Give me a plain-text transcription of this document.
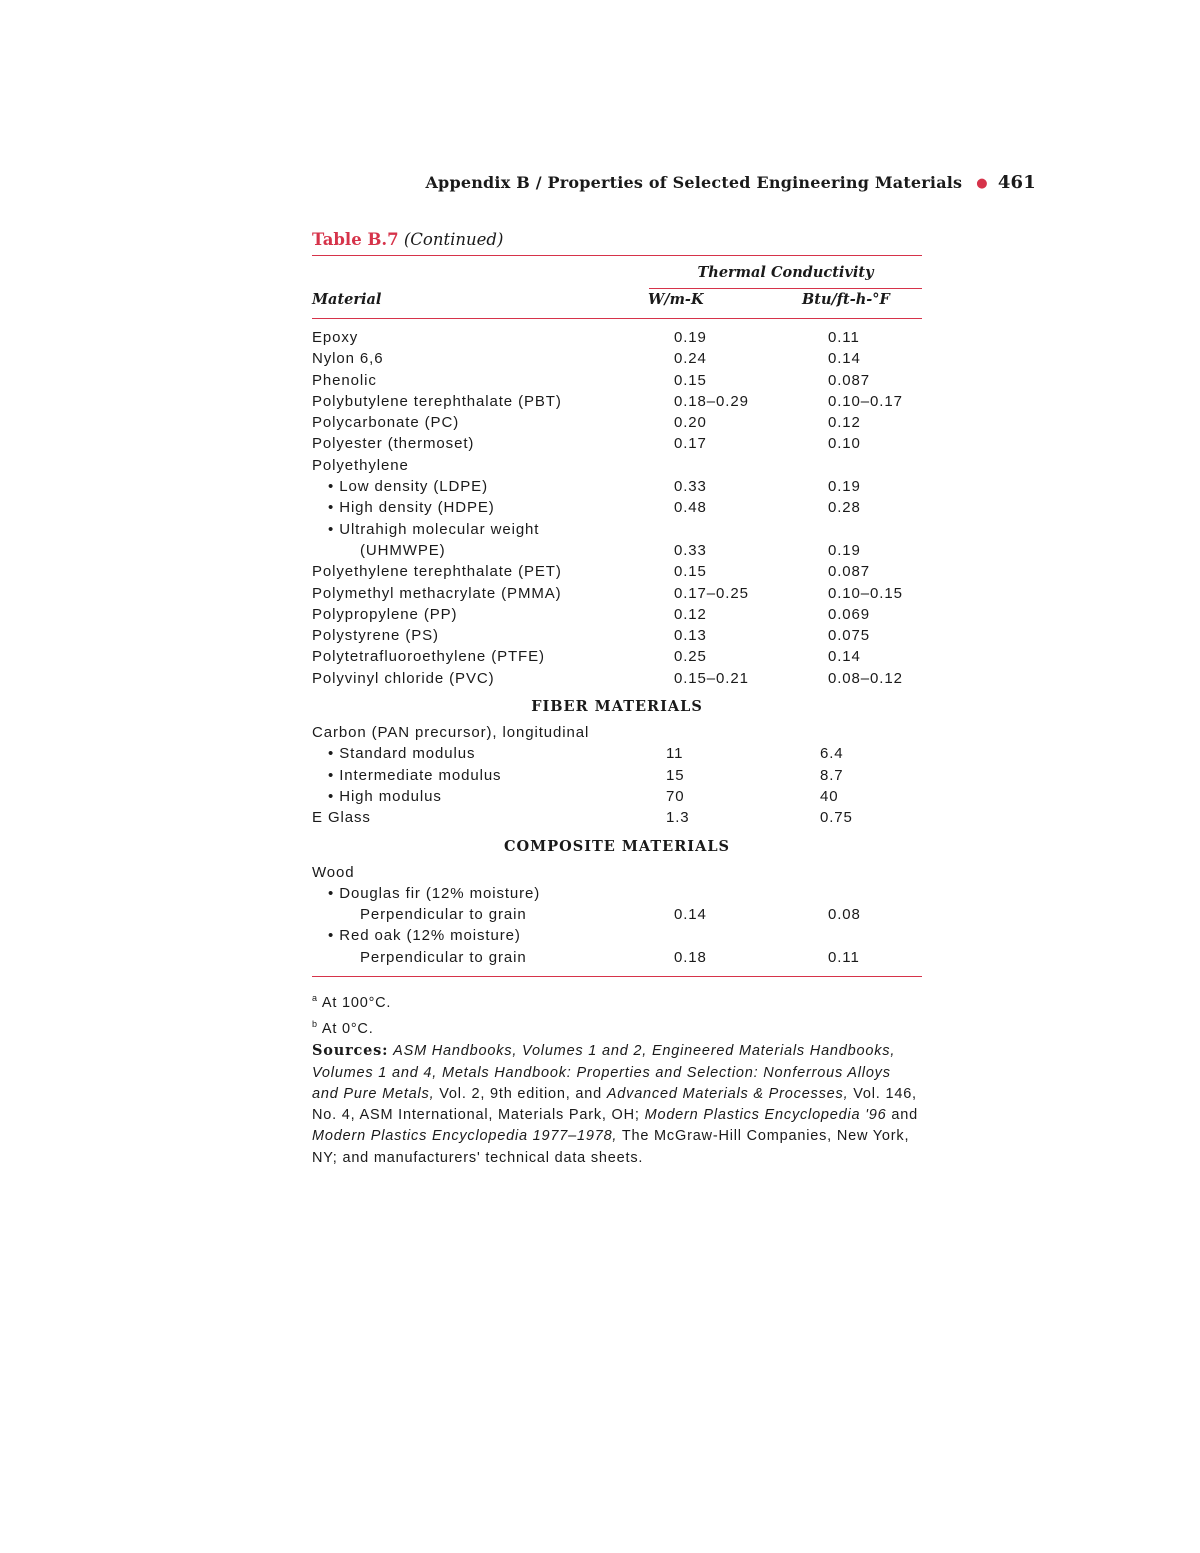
Appendix B / Properties of Selected Engineering Materials ● 461
Table B.7 (Continued)
Thermal Conductivity
Material	W/m-K	Btu/ft-h-°F
Epoxy	0.19	0.11
Nylon 6,6	0.24	0.14
Phenolic	0.15	0.087
Polybutylene terephthalate (PBT)	0.18–0.29	0.10–0.17
Polycarbonate (PC)	0.20	0.12
Polyester (thermoset)	0.17	0.10
Polyethylene
• Low density (LDPE)	0.33	0.19
• High density (HDPE)	0.48	0.28
• Ultrahigh molecular weight
(UHMWPE)	0.33	0.19
Polyethylene terephthalate (PET)	0.15	0.087
Polymethyl methacrylate (PMMA)	0.17–0.25	0.10–0.15
Polypropylene (PP)	0.12	0.069
Polystyrene (PS)	0.13	0.075
Polytetrafluoroethylene (PTFE)	0.25	0.14
Polyvinyl chloride (PVC)	0.15–0.21	0.08–0.12
FIBER MATERIALS
Carbon (PAN precursor), longitudinal
• Standard modulus	11	6.4
• Intermediate modulus	15	8.7
• High modulus	70	40
E Glass	1.3	0.75
COMPOSITE MATERIALS
Wood
• Douglas fir (12% moisture)
Perpendicular to grain	0.14	0.08
• Red oak (12% moisture)
Perpendicular to grain	0.18	0.11
$^a$ At 100°C.
$^b$ At 0°C.
Sources: ASM Handbooks, Volumes 1 and 2, Engineered Materials Handbooks, Volumes 1 and 4, Metals Handbook: Properties and Selection: Nonferrous Alloys and Pure Metals, Vol. 2, 9th edition, and Advanced Materials & Processes, Vol. 146, No. 4, ASM International, Materials Park, OH; Modern Plastics Encyclopedia '96 and Modern Plastics Encyclopedia 1977–1978, The McGraw-Hill Companies, New York, NY; and manufacturers' technical data sheets.
